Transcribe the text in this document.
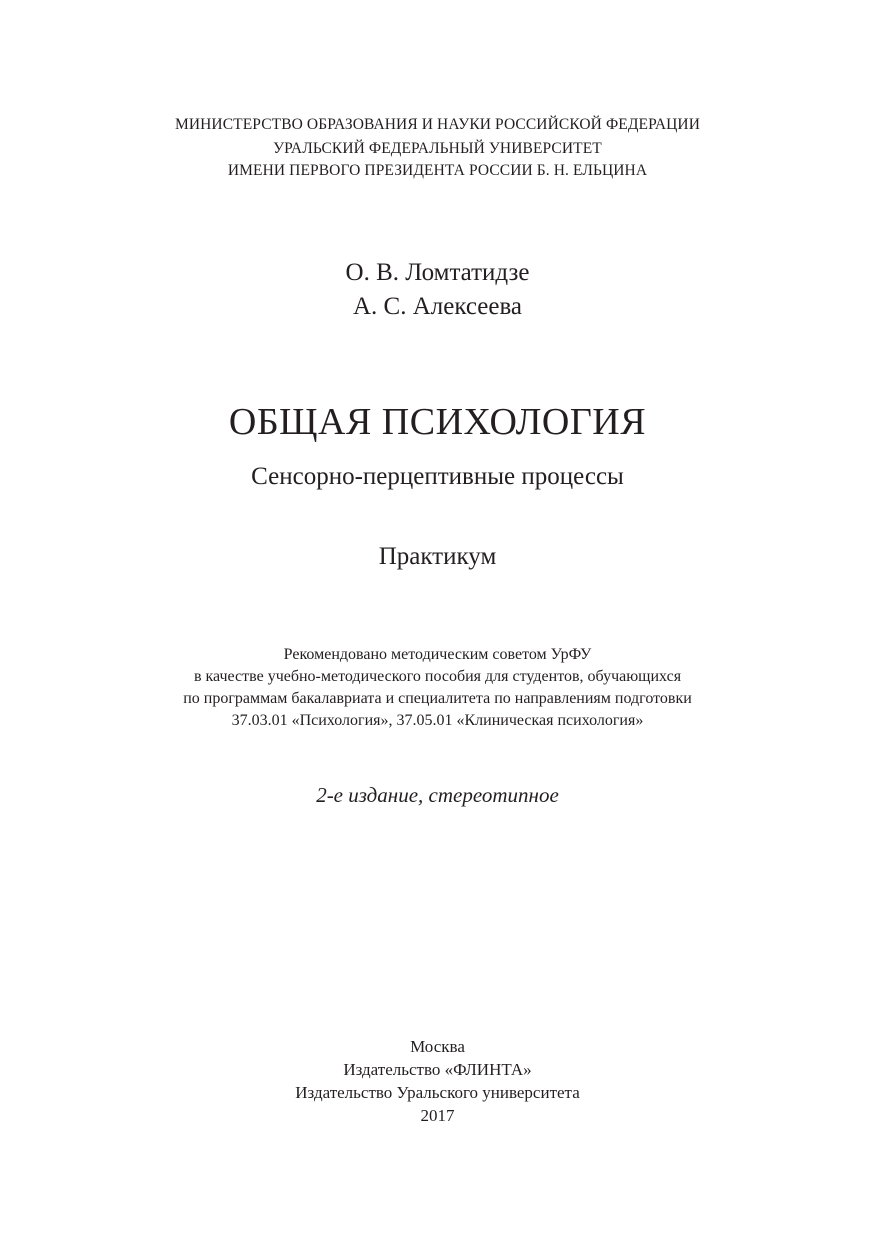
МИНИСТЕРСТВО ОБРАЗОВАНИЯ И НАУКИ РОССИЙСКОЙ ФЕДЕРАЦИИ
УРАЛЬСКИЙ ФЕДЕРАЛЬНЫЙ УНИВЕРСИТЕТ
ИМЕНИ ПЕРВОГО ПРЕЗИДЕНТА РОССИИ Б. Н. ЕЛЬЦИНА
О. В. Ломтатидзе
А. С. Алексеева
ОБЩАЯ ПСИХОЛОГИЯ
Сенсорно-перцептивные процессы
Практикум
Рекомендовано методическим советом УрФУ
в качестве учебно-методического пособия для студентов, обучающихся
по программам бакалавриата и специалитета по направлениям подготовки
37.03.01 «Психология», 37.05.01 «Клиническая психология»
2-е издание, стереотипное
Москва
Издательство «ФЛИНТА»
Издательство Уральского университета
2017
